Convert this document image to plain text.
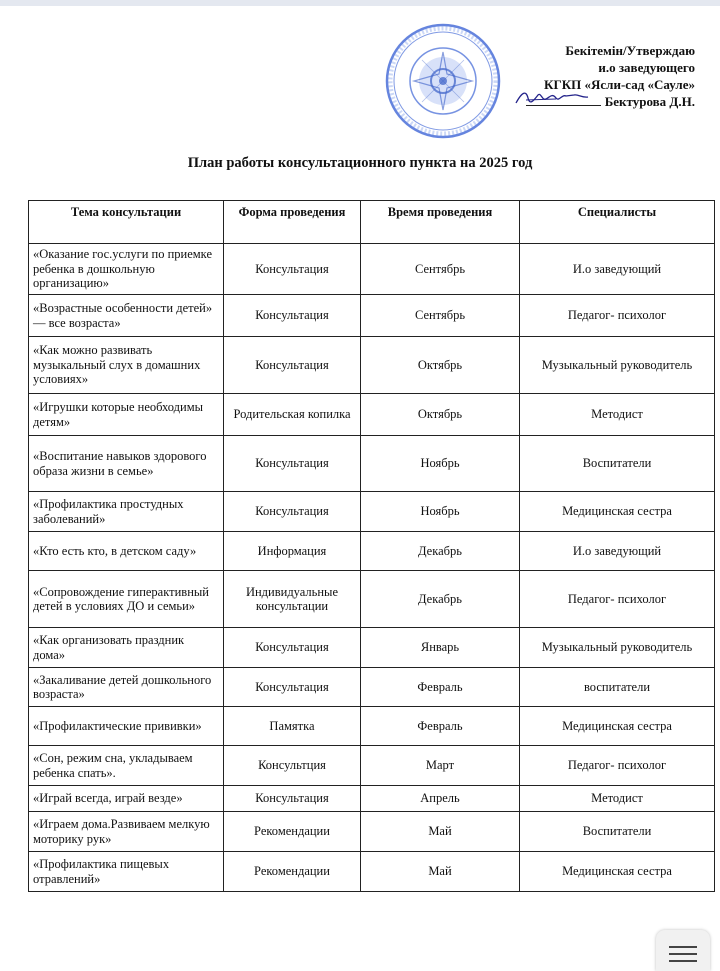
Бекітемін/Утверждаю
и.о заведующего
КГКП «Ясли-сад «Сауле»
Бектурова Д.Н.
План работы консультационного пункта на 2025 год
Тема консультации	Форма проведения	Время проведения	Специалисты
«Оказание гос.услуги по приемке ребенка в дошкольную организацию»	Консультация	Сентябрь	И.о заведующий
«Возрастные особенности детей» — все возраста»	Консультация	Сентябрь	Педагог- психолог
«Как можно развивать музыкальный слух в домашних условиях»	Консультация	Октябрь	Музыкальный руководитель
«Игрушки которые необходимы детям»	Родительская копилка	Октябрь	Методист
«Воспитание навыков здорового образа жизни в семье»	Консультация	Ноябрь	Воспитатели
«Профилактика простудных заболеваний»	Консультация	Ноябрь	Медицинская сестра
«Кто есть кто, в детском саду»	Информация	Декабрь	И.о заведующий
«Сопровождение гиперактивный детей в условиях ДО и семьи»	Индивидуальные консультации	Декабрь	Педагог- психолог
«Как организовать праздник дома»	Консультация	Январь	Музыкальный руководитель
«Закаливание детей дошкольного возраста»	Консультация	Февраль	воспитатели
«Профилактические прививки»	Памятка	Февраль	Медицинская сестра
«Сон, режим сна, укладываем ребенка спать».	Консультция	Март	Педагог- психолог
«Играй всегда, играй везде»	Консультация	Апрель	Методист
«Играем дома.Развиваем мелкую моторику рук»	Рекомендации	Май	Воспитатели
«Профилактика пищевых отравлений»	Рекомендации	Май	Медицинская сестра
